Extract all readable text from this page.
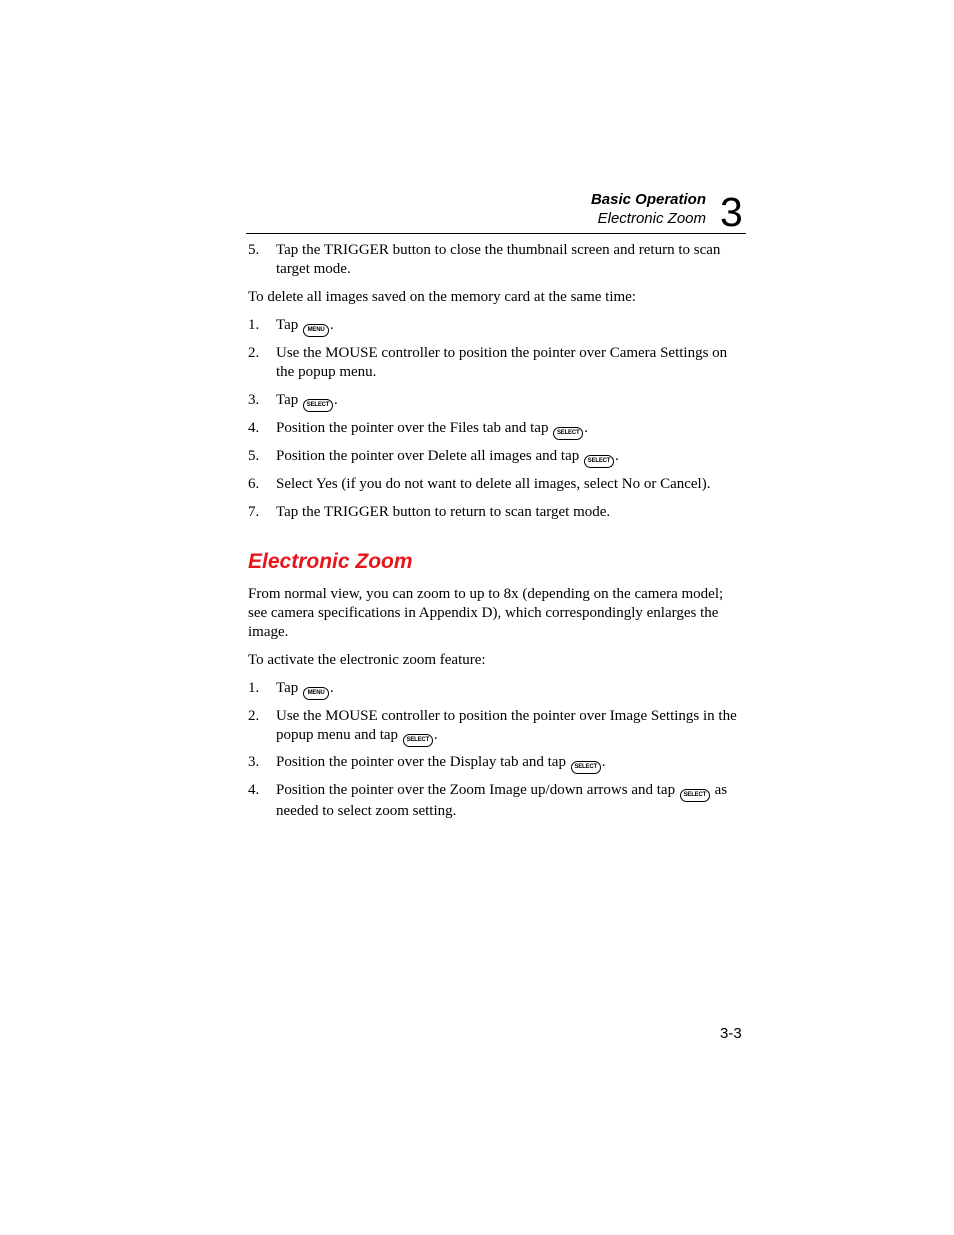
Basic Operation
Electronic Zoom 3
5. Tap the TRIGGER button to close the thumbnail screen and return to scan target mode.
To delete all images saved on the memory card at the same time:
1. Tap MENU .
2. Use the MOUSE controller to position the pointer over Camera Settings on the popup menu.
3. Tap SELECT .
4. Position the pointer over the Files tab and tap SELECT .
5. Position the pointer over Delete all images and tap SELECT .
6. Select Yes (if you do not want to delete all images, select No or Cancel).
7. Tap the TRIGGER button to return to scan target mode.
Electronic Zoom
From normal view, you can zoom to up to 8x (depending on the camera model; see camera specifications in Appendix D), which correspondingly enlarges the image.
To activate the electronic zoom feature:
1. Tap MENU .
2. Use the MOUSE controller to position the pointer over Image Settings in the popup menu and tap SELECT .
3. Position the pointer over the Display tab and tap SELECT .
4. Position the pointer over the Zoom Image up/down arrows and tap SELECT as needed to select zoom setting.
3-3
